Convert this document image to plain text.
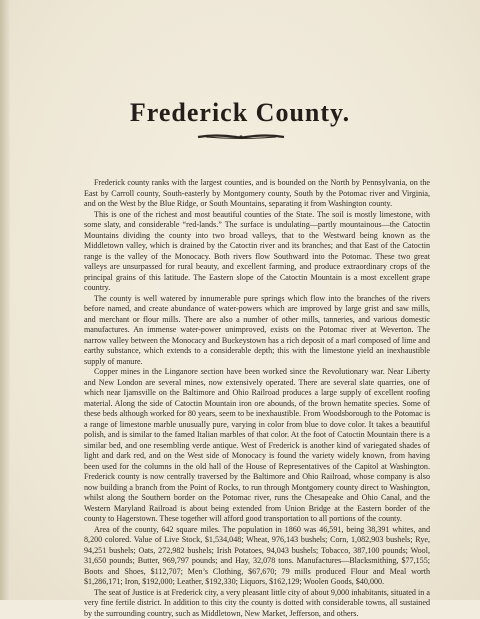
Frederick County.

Frederick county ranks with the largest counties, and is bounded on the North by Pennsylvania, on the East by Carroll county, South-easterly by Montgomery county, South by the Potomac river and Virginia, and on the West by the Blue Ridge, or South Mountains, separating it from Washington county.

This is one of the richest and most beautiful counties of the State. The soil is mostly limestone, with some slaty, and considerable “red-lands.” The surface is undulating—partly mountainous—the Catoctin Mountains dividing the county into two broad valleys, that to the Westward being known as the Middletown valley, which is drained by the Catoctin river and its branches; and that East of the Catoctin range is the valley of the Monocacy. Both rivers flow Southward into the Potomac. These two great valleys are unsurpassed for rural beauty, and excellent farming, and produce extraordinary crops of the principal grains of this latitude. The Eastern slope of the Catoctin Mountain is a most excellent grape country.

The county is well watered by innumerable pure springs which flow into the branches of the rivers before named, and create abundance of water-powers which are improved by large grist and saw mills, and merchant or flour mills. There are also a number of other mills, tanneries, and various domestic manufactures. An immense water-power unimproved, exists on the Potomac river at Weverton. The narrow valley between the Monocacy and Buckeystown has a rich deposit of a marl composed of lime and earthy substance, which extends to a considerable depth; this with the limestone yield an inexhaustible supply of manure.

Copper mines in the Linganore section have been worked since the Revolutionary war. Near Liberty and New London are several mines, now extensively operated. There are several slate quarries, one of which near Ijamsville on the Baltimore and Ohio Railroad produces a large supply of excellent roofing material. Along the side of Catoctin Mountain iron ore abounds, of the brown hematite species. Some of these beds although worked for 80 years, seem to be inexhaustible. From Woodsborough to the Potomac is a range of limestone marble unusually pure, varying in color from blue to dove color. It takes a beautiful polish, and is similar to the famed Italian marbles of that color. At the foot of Catoctin Mountain there is a similar bed, and one resembling verde antique. West of Frederick is another kind of variegated shades of light and dark red, and on the West side of Monocacy is found the variety widely known, from having been used for the columns in the old hall of the House of Representatives of the Capitol at Washington. Frederick county is now centrally traversed by the Baltimore and Ohio Railroad, whose company is also now building a branch from the Point of Rocks, to run through Montgomery county direct to Washington, whilst along the Southern border on the Potomac river, runs the Chesapeake and Ohio Canal, and the Western Maryland Railroad is about being extended from Union Bridge at the Eastern border of the county to Hagerstown. These together will afford good transportation to all portions of the county.

Area of the county, 642 square miles. The population in 1860 was 46,591, being 38,391 whites, and 8,200 colored. Value of Live Stock, $1,534,048; Wheat, 976,143 bushels; Corn, 1,082,903 bushels; Rye, 94,251 bushels; Oats, 272,982 bushels; Irish Potatoes, 94,043 bushels; Tobacco, 387,100 pounds; Wool, 31,650 pounds; Butter, 969,797 pounds; and Hay, 32,078 tons. Manufactures—Blacksmithing, $77,155; Boots and Shoes, $112,707; Men’s Clothing, $67,670; 79 mills produced Flour and Meal worth $1,286,171; Iron, $192,000; Leather, $192,330; Liquors, $162,129; Woolen Goods, $40,000.

The seat of Justice is at Frederick city, a very pleasant little city of about 9,000 inhabitants, situated in a very fine fertile district. In addition to this city the county is dotted with considerable towns, all sustained by the surrounding country, such as Middletown, New Market, Jefferson, and others.
